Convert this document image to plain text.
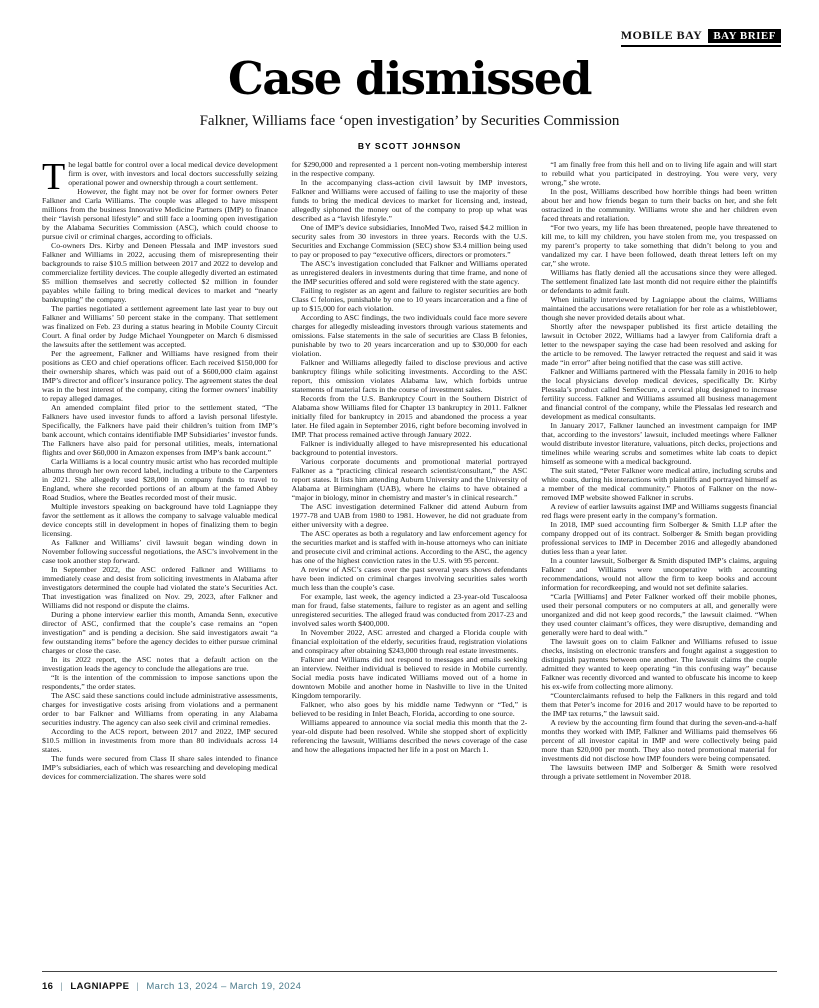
MOBILE BAY	BAY BRIEF
Case dismissed
Falkner, Williams face ‘open investigation’ by Securities Commission
BY SCOTT JOHNSON

The legal battle for control over a local medical device development firm is over, with investors and local doctors successfully seizing operational power and ownership through a court settlement.

However, the fight may not be over for former owners Peter Falkner and Carla Williams. The couple was alleged to have misspent millions from the business Innovative Medicine Partners (IMP) to finance their “lavish personal lifestyle” and still face a looming open investigation by the Alabama Securities Commission (ASC), which could choose to pursue civil or criminal charges, according to officials.

Co-owners Drs. Kirby and Deneen Plessala and IMP investors sued Falkner and Williams in 2022, accusing them of misrepresenting their backgrounds to raise $10.5 million between 2017 and 2022 to develop and commercialize fertility devices. The couple allegedly diverted an estimated $5 million themselves and secretly collected $2 million in founder payables while failing to bring medical devices to market and “nearly bankrupting” the company.

The parties negotiated a settlement agreement late last year to buy out Falkner and Williams’ 50 percent stake in the company. That settlement was finalized on Feb. 23 during a status hearing in Mobile County Circuit Court. A final order by Judge Michael Youngpeter on March 6 dismissed the lawsuits after the settlement was accepted.

Per the agreement, Falkner and Williams have resigned from their positions as CEO and chief operations officer. Each received $150,000 for their ownership shares, which was paid out of a $600,000 claim against IMP’s director and officer’s insurance policy. The agreement states the deal was in the best interest of the company, citing the former owners’ inability to repay alleged damages.

An amended complaint filed prior to the settlement stated, “The Falkners have used investor funds to afford a lavish personal lifestyle. Specifically, the Falkners have paid their children’s tuition from IMP’s bank account, which contains identifiable IMP Subsidiaries’ investor funds. The Falkners have also paid for personal utilities, meals, international flights and over $60,000 in Amazon expenses from IMP’s bank account.”

Carla Williams is a local country music artist who has recorded multiple albums through her own record label, including a tribute to the Carpenters in 2021. She allegedly used $28,000 in company funds to travel to England, where she recorded portions of an album at the famed Abbey Road Studios, where the Beatles recorded most of their music.

Multiple investors speaking on background have told Lagniappe they favor the settlement as it allows the company to salvage valuable medical device concepts still in development in hopes of finalizing them to begin licensing.

As Falkner and Williams’ civil lawsuit began winding down in November following successful negotiations, the ASC’s involvement in the case took another step forward.

In September 2022, the ASC ordered Falkner and Williams to immediately cease and desist from soliciting investments in Alabama after investigators determined the couple had violated the state’s Securities Act. That investigation was finalized on Nov. 29, 2023, after Falkner and Williams did not respond or dispute the claims.

During a phone interview earlier this month, Amanda Senn, executive director of ASC, confirmed that the couple’s case remains an “open investigation” and is pending a decision. She said investigators await “a few outstanding items” before the agency decides to either pursue criminal charges or close the case.

In its 2022 report, the ASC notes that a default action on the investigation leads the agency to conclude the allegations are true.

“It is the intention of the commission to impose sanctions upon the respondents,” the order states.

The ASC said these sanctions could include administrative assessments, charges for investigative costs arising from violations and a permanent order to bar Falkner and Williams from operating in any Alabama securities industry. The agency can also seek civil and criminal remedies.

According to the ACS report, between 2017 and 2022, IMP secured $10.5 million in investments from more than 80 individuals across 14 states.

The funds were secured from Class II share sales intended to finance IMP’s subsidiaries, each of which was researching and developing medical devices for commercialization. The shares were sold

for $290,000 and represented a 1 percent non-voting membership interest in the respective company.

In the accompanying class-action civil lawsuit by IMP investors, Falkner and Williams were accused of failing to use the majority of these funds to bring the medical devices to market for licensing and, instead, allegedly siphoned the money out of the company to prop up what was described as a “lavish lifestyle.”

One of IMP’s device subsidiaries, InnoMed Two, raised $4.2 million in security sales from 30 investors in three years. Records with the U.S. Securities and Exchange Commission (SEC) show $3.4 million being used to pay or proposed to pay “executive officers, directors or promoters.”

The ASC’s investigation concluded that Falkner and Williams operated as unregistered dealers in investments during that time frame, and none of the IMP securities offered and sold were registered with the state agency.

Failing to register as an agent and failure to register securities are both Class C felonies, punishable by one to 10 years incarceration and a fine of up to $15,000 for each violation.

According to ASC findings, the two individuals could face more severe charges for allegedly misleading investors through various statements and omissions. False statements in the sale of securities are Class B felonies, punishable by two to 20 years incarceration and up to $30,000 for each violation.

Falkner and Williams allegedly failed to disclose previous and active bankruptcy filings while soliciting investments. According to the ASC report, this omission violates Alabama law, which forbids untrue statements of material facts in the course of investment sales.

Records from the U.S. Bankruptcy Court in the Southern District of Alabama show Williams filed for Chapter 13 bankruptcy in 2011. Falkner initially filed for bankruptcy in 2015 and abandoned the process a year later. He filed again in September 2016, right before becoming involved in IMP. That process remained active through January 2022.

Falkner is individually alleged to have misrepresented his educational background to potential investors.

Various corporate documents and promotional material portrayed Falkner as a “practicing clinical research scientist/consultant,” the ASC report states. It lists him attending Auburn University and the University of Alabama at Birmingham (UAB), where he claims to have obtained a “major in biology, minor in chemistry and master’s in clinical research.”

The ASC investigation determined Falkner did attend Auburn from 1977-78 and UAB from 1980 to 1981. However, he did not graduate from either university with a degree.

The ASC operates as both a regulatory and law enforcement agency for the securities market and is staffed with in-house attorneys who can initiate and prosecute civil and criminal actions. According to the ASC, the agency has one of the highest conviction rates in the U.S. with 95 percent.

A review of ASC’s cases over the past several years shows defendants have been indicted on criminal charges involving securities sales worth much less than the couple’s case.

For example, last week, the agency indicted a 23-year-old Tuscaloosa man for fraud, false statements, failure to register as an agent and selling unregistered securities. The alleged fraud was conducted from 2017-23 and involved sales worth $400,000.

In November 2022, ASC arrested and charged a Florida couple with financial exploitation of the elderly, securities fraud, registration violations and conspiracy after obtaining $243,000 through real estate investments.

Falkner and Williams did not respond to messages and emails seeking an interview. Neither individual is believed to reside in Mobile currently. Social media posts have indicated Williams moved out of a home in downtown Mobile and another home in Nashville to live in the United Kingdom temporarily.

Falkner, who also goes by his middle name Tedwynn or “Ted,” is believed to be residing in Inlet Beach, Florida, according to one source.

Williams appeared to announce via social media this month that the 2-year-old dispute had been resolved. While she stopped short of explicitly referencing the lawsuit, Williams described the news coverage of the case and how the allegations impacted her life in a post on March 1.

“I am finally free from this hell and on to living life again and will start to rebuild what you participated in destroying. You were very, very wrong,” she wrote.

In the post, Williams described how horrible things had been written about her and how friends began to turn their backs on her, and she felt ostracized in the community. Williams wrote she and her children even faced threats and retaliation.

“For two years, my life has been threatened, people have threatened to kill me, to kill my children, you have stolen from me, you trespassed on my parent’s property to take something that didn’t belong to you and vandalized my car. I have been followed, death threat letters left on my car,” she wrote.

Williams has flatly denied all the accusations since they were alleged. The settlement finalized late last month did not require either the plaintiffs or defendants to admit fault.

When initially interviewed by Lagniappe about the claims, Williams maintained the accusations were retaliation for her role as a whistleblower, though she never provided details about what.

Shortly after the newspaper published its first article detailing the lawsuit in October 2022, Williams had a lawyer from California draft a letter to the newspaper saying the case had been resolved and asking for the article to be removed. The lawyer retracted the request and said it was made “in error” after being notified that the case was still active.

Falkner and Williams partnered with the Plessala family in 2016 to help the local physicians develop medical devices, specifically Dr. Kirby Plessala’s product called SemSecure, a cervical plug designed to increase fertility success. Falkner and Williams assumed all business management and financial control of the company, while the Plessalas led research and development as medical consultants.

In January 2017, Falkner launched an investment campaign for IMP that, according to the investors’ lawsuit, included meetings where Falkner would distribute investor literature, valuations, pitch decks, projections and timelines while wearing scrubs and sometimes white lab coats to depict himself as someone with a medical background.

The suit stated, “Peter Falkner wore medical attire, including scrubs and white coats, during his interactions with plaintiffs and portrayed himself as a member of the medical community.” Photos of Falkner on the now-removed IMP website showed Falkner in scrubs.

A review of earlier lawsuits against IMP and Williams suggests financial red flags were present early in the company’s formation.

In 2018, IMP sued accounting firm Solberger & Smith LLP after the company dropped out of its contract. Solberger & Smith began providing professional services to IMP in December 2016 and allegedly abandoned duties less than a year later.

In a counter lawsuit, Solberger & Smith disputed IMP’s claims, arguing Falkner and Williams were uncooperative with accounting recommendations, would not allow the firm to keep books and account information for recordkeeping, and would not set definite salaries.

“Carla [Williams] and Peter Falkner worked off their mobile phones, used their personal computers or no computers at all, and generally were unorganized and did not keep good records,” the lawsuit claimed. “When they used counter claimant’s offices, they were disruptive, demanding and generally were hard to deal with.”

The lawsuit goes on to claim Falkner and Williams refused to issue checks, insisting on electronic transfers and fought against a suggestion to distinguish payments between one another. The lawsuit claims the couple admitted they wanted to keep operating “in this confusing way” because Falkner was recently divorced and wanted to obfuscate his income to keep his ex-wife from collecting more alimony.

“Counterclaimants refused to help the Falkners in this regard and told them that Peter’s income for 2016 and 2017 would have to be reported to the IMP tax returns,” the lawsuit said.

A review by the accounting firm found that during the seven-and-a-half months they worked with IMP, Falkner and Williams paid themselves 66 percent of all investor capital in IMP and were collectively being paid more than $20,000 per month. They also noted promotional material for investments did not disclose how IMP founders were being compensated.

The lawsuits between IMP and Solberger & Smith were resolved through a private settlement in November 2018.

16 | LAGNIAPPE | March 13, 2024 – March 19, 2024
